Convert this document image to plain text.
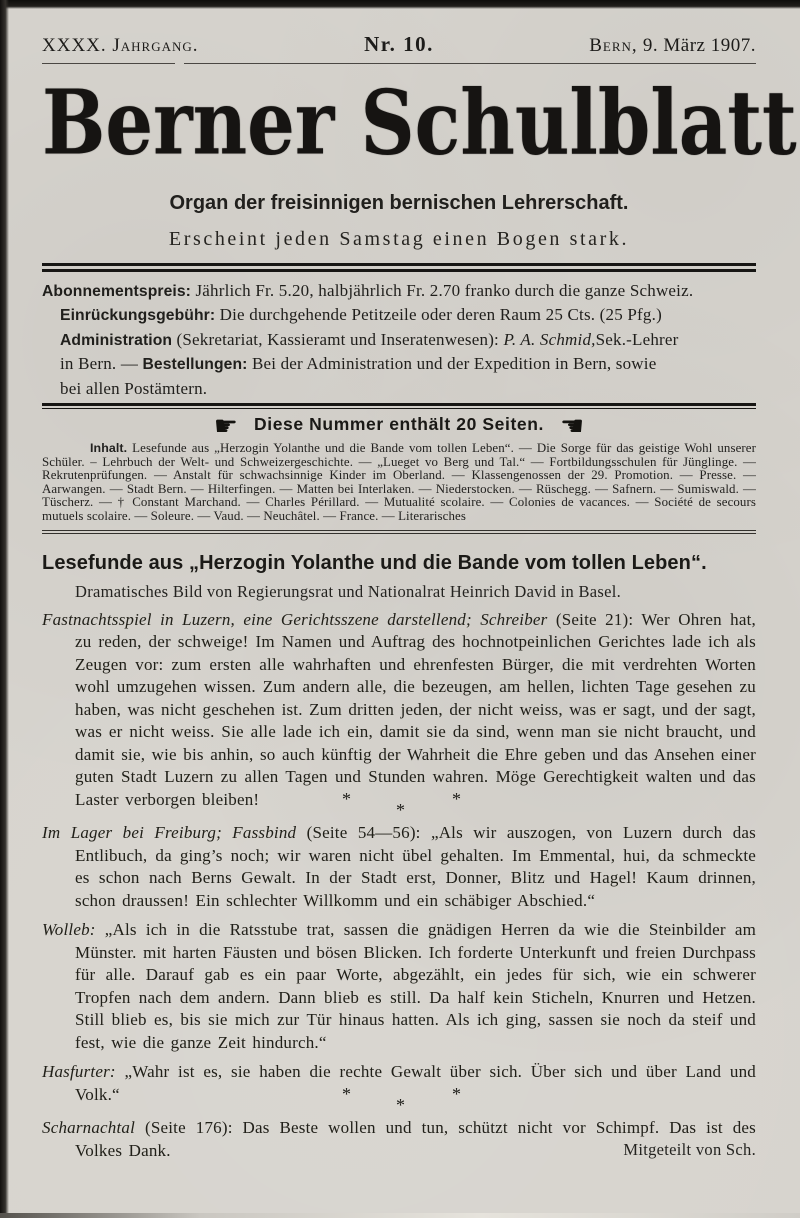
XXXX. Jahrgang.	Nr. 10.	Bern, 9. März 1907.
Berner Schulblatt
Organ der freisinnigen bernischen Lehrerschaft.
Erscheint jeden Samstag einen Bogen stark.
Abonnementspreis: Jährlich Fr. 5.20, halbjährlich Fr. 2.70 franko durch die ganze Schweiz.
Einrückungsgebühr: Die durchgehende Petitzeile oder deren Raum 25 Cts. (25 Pfg.)
Administration (Sekretariat, Kassieramt und Inseratenwesen): P. A. Schmid,Sek.-Lehrer
in Bern. — Bestellungen: Bei der Administration und der Expedition in Bern, sowie
bei allen Postämtern.
☛ Diese Nummer enthält 20 Seiten. ☚

Inhalt. Lesefunde aus „Herzogin Yolanthe und die Bande vom tollen Leben“. — Die Sorge für das geistige Wohl unserer Schüler. – Lehrbuch der Welt- und Schweizergeschichte. — „Lueget vo Berg und Tal.“ — Fortbildungsschulen für Jünglinge. — Rekrutenprüfungen. — Anstalt für schwachsinnige Kinder im Oberland. — Klassengenossen der 29. Promotion. — Presse. — Aarwangen. — Stadt Bern. — Hilterfingen. — Matten bei Interlaken. — Niederstocken. — Rüschegg. — Safnern. — Sumiswald. — Tüscherz. — † Constant Marchand. — Charles Périllard. — Mutualité scolaire. — Colonies de vacances. — Société de secours mutuels scolaire. — Soleure. — Vaud. — Neuchâtel. — France. — Literarisches

Lesefunde aus „Herzogin Yolanthe und die Bande vom tollen Leben“.

Dramatisches Bild von Regierungsrat und Nationalrat Heinrich David in Basel.

Fastnachtsspiel in Luzern, eine Gerichtsszene darstellend; Schreiber (Seite 21): Wer Ohren hat, zu reden, der schweige! Im Namen und Auftrag des hochnotpeinlichen Gerichtes lade ich als Zeugen vor: zum ersten alle wahrhaften und ehrenfesten Bürger, die mit verdrehten Worten wohl umzugehen wissen. Zum andern alle, die bezeugen, am hellen, lichten Tage gesehen zu haben, was nicht geschehen ist. Zum dritten jeden, der nicht weiss, was er sagt, und der sagt, was er nicht weiss. Sie alle lade ich ein, damit sie da sind, wenn man sie nicht braucht, und damit sie, wie bis anhin, so auch künftig der Wahrheit die Ehre geben und das Ansehen einer guten Stadt Luzern zu allen Tagen und Stunden wahren. Möge Gerechtigkeit walten und das Laster verborgen bleiben!	*	*
*

Im Lager bei Freiburg; Fassbind (Seite 54—56): „Als wir auszogen, von Luzern durch das Entlibuch, da ging’s noch; wir waren nicht übel gehalten. Im Emmental, hui, da schmeckte es schon nach Berns Gewalt. In der Stadt erst, Donner, Blitz und Hagel! Kaum drinnen, schon draussen! Ein schlechter Willkomm und ein schäbiger Abschied.“

Wolleb: „Als ich in die Ratsstube trat, sassen die gnädigen Herren da wie die Steinbilder am Münster. mit harten Fäusten und bösen Blicken. Ich forderte Unterkunft und freien Durchpass für alle. Darauf gab es ein paar Worte, abgezählt, ein jedes für sich, wie ein schwerer Tropfen nach dem andern. Dann blieb es still. Da half kein Sticheln, Knurren und Hetzen. Still blieb es, bis sie mich zur Tür hinaus hatten. Als ich ging, sassen sie noch da steif und fest, wie die ganze Zeit hindurch.“

Hasfurter: „Wahr ist es, sie haben die rechte Gewalt über sich. Über sich und über Land und Volk.“	*	*
*

Scharnachtal (Seite 176): Das Beste wollen und tun, schützt nicht vor Schimpf. Das ist des Volkes Dank.	Mitgeteilt von Sch.
